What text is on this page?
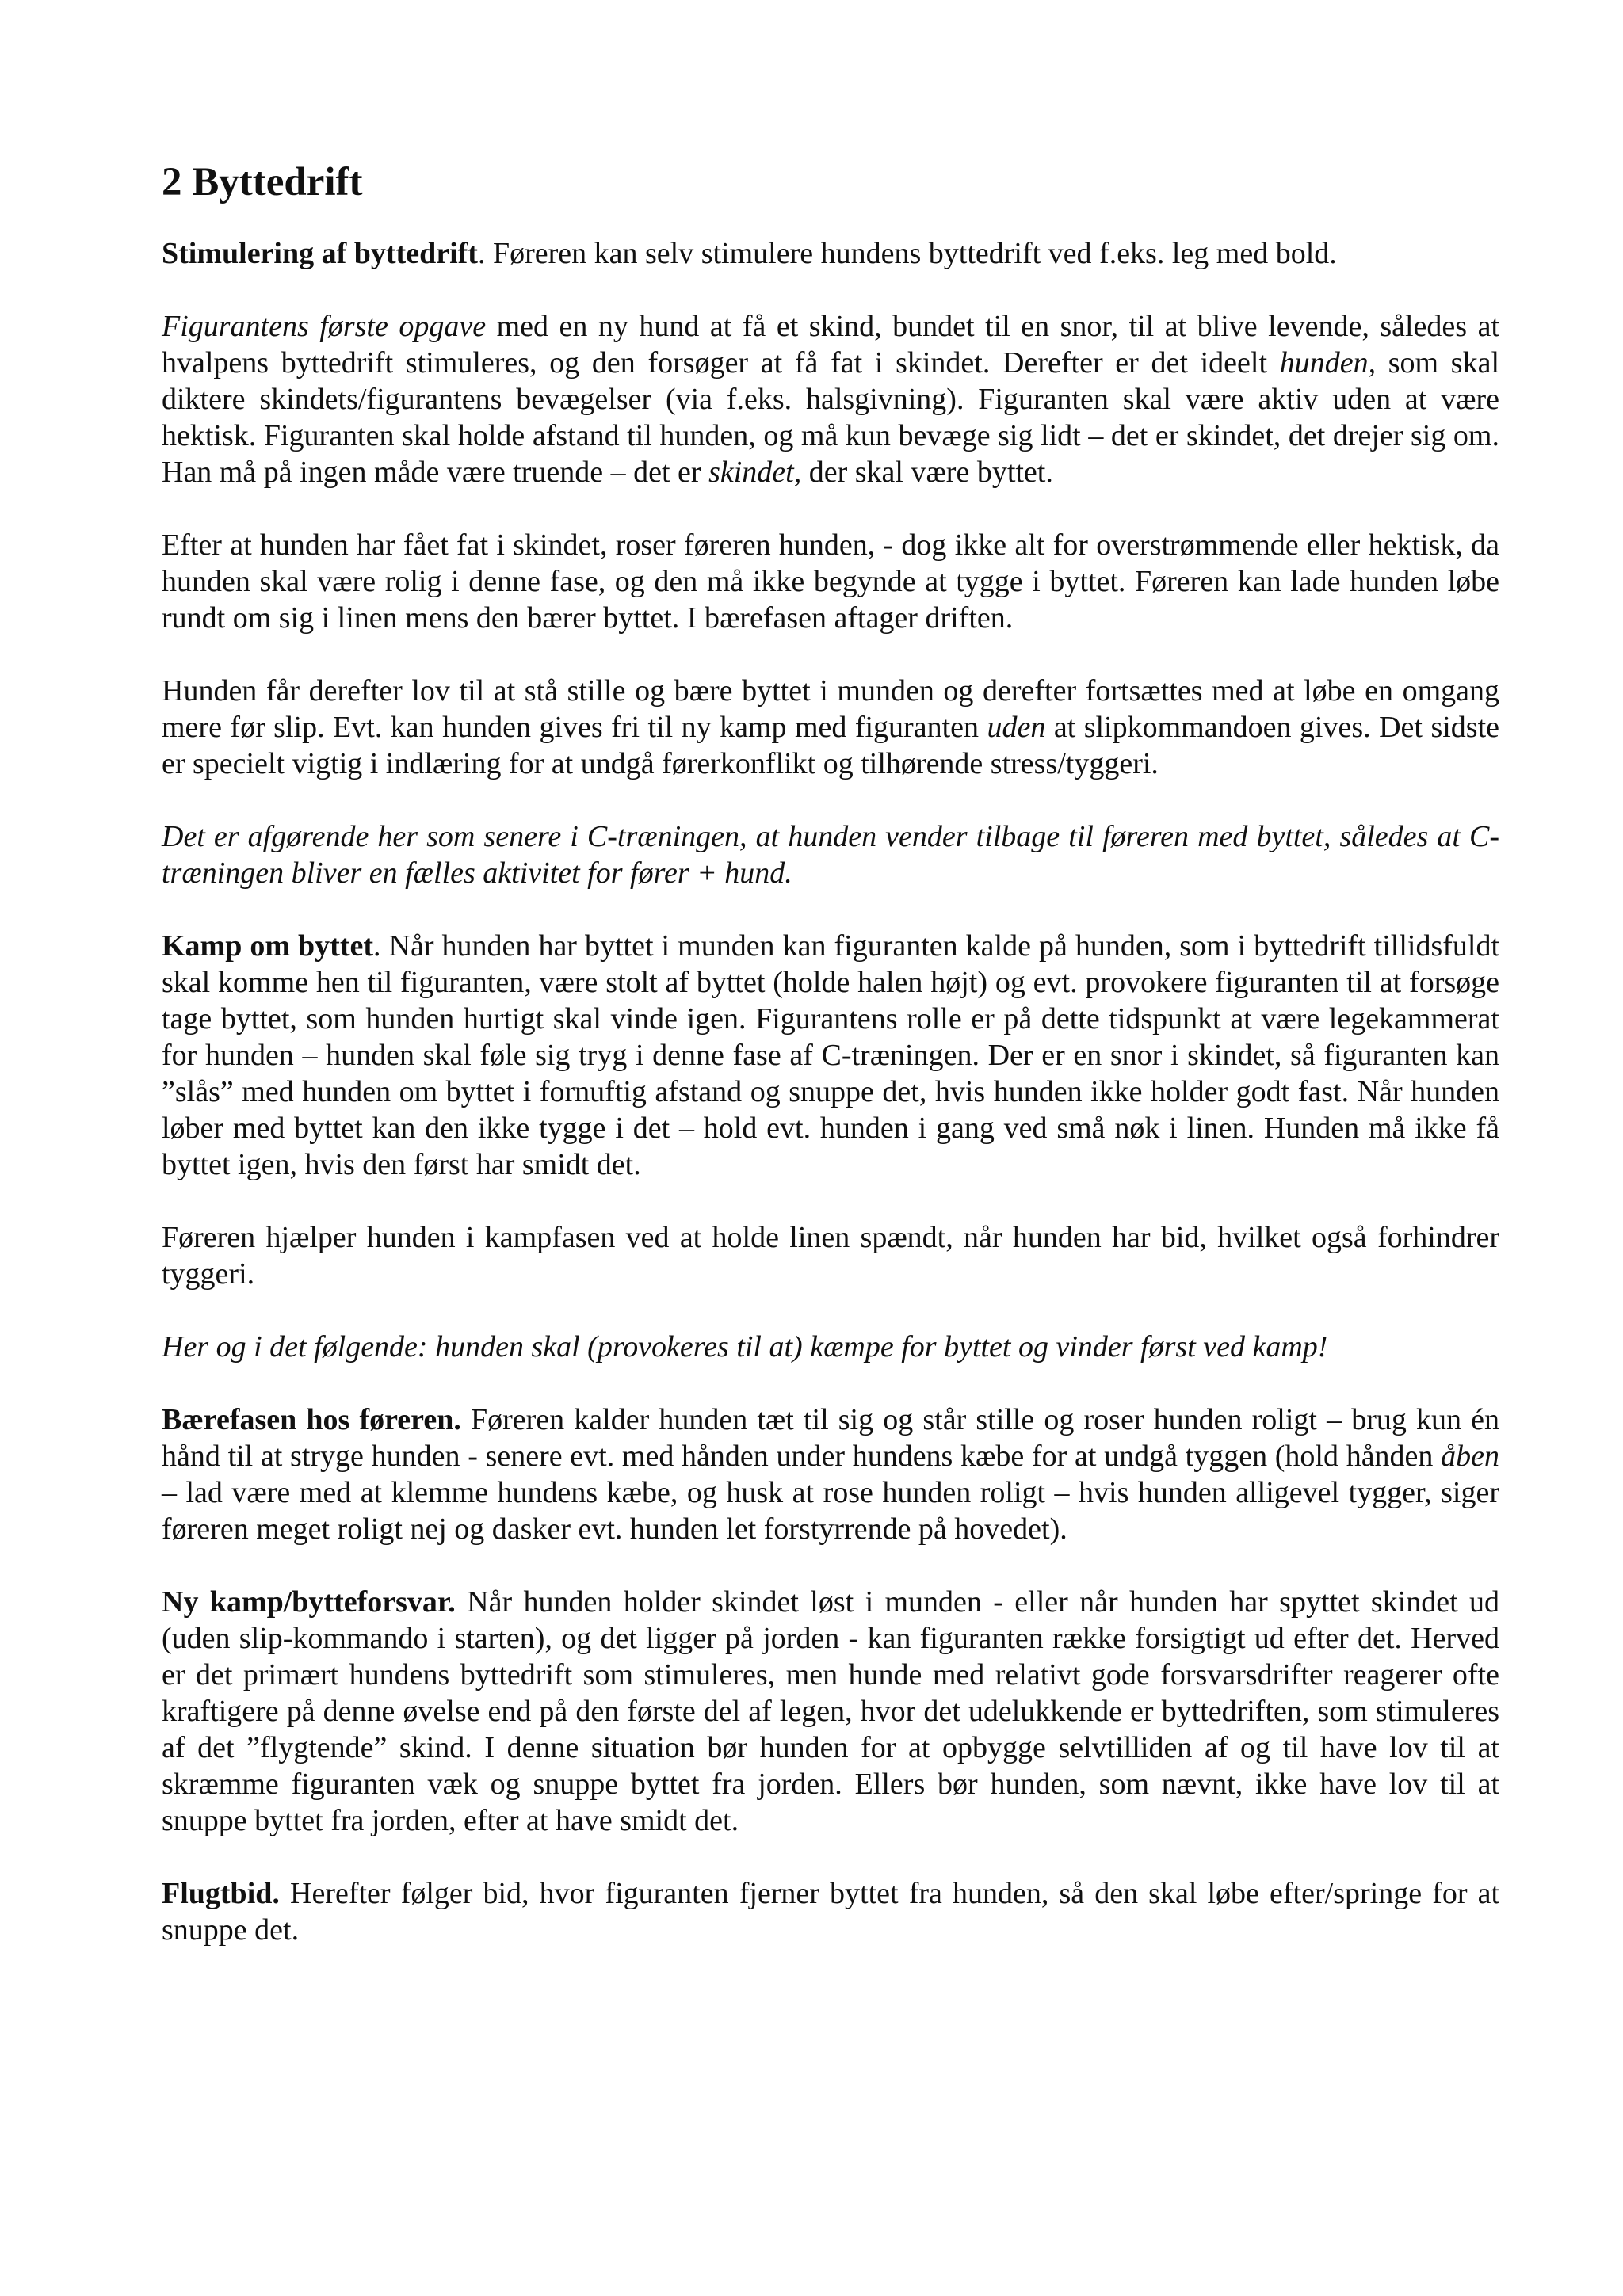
2 Byttedrift

Stimulering af byttedrift. Føreren kan selv stimulere hundens byttedrift ved f.eks. leg med bold.

Figurantens første opgave med en ny hund at få et skind, bundet til en snor, til at blive levende, således at hvalpens byttedrift stimuleres, og den forsøger at få fat i skindet. Derefter er det ideelt hunden, som skal diktere skindets/figurantens bevægelser (via f.eks. halsgivning). Figuranten skal være aktiv uden at være hektisk. Figuranten skal holde afstand til hunden, og må kun bevæge sig lidt – det er skindet, det drejer sig om. Han må på ingen måde være truende – det er skindet, der skal være byttet.

Efter at hunden har fået fat i skindet, roser føreren hunden, - dog ikke alt for overstrømmende eller hektisk, da hunden skal være rolig i denne fase, og den må ikke begynde at tygge i byttet. Føreren kan lade hunden løbe rundt om sig i linen mens den bærer byttet. I bærefasen aftager driften.

Hunden får derefter lov til at stå stille og bære byttet i munden og derefter fortsættes med at løbe en omgang mere før slip. Evt. kan hunden gives fri til ny kamp med figuranten uden at slipkommandoen gives. Det sidste er specielt vigtig i indlæring for at undgå førerkonflikt og tilhørende stress/tyggeri.

Det er afgørende her som senere i C-træningen, at hunden vender tilbage til føreren med byttet, således at C-træningen bliver en fælles aktivitet for fører + hund.

Kamp om byttet. Når hunden har byttet i munden kan figuranten kalde på hunden, som i byttedrift tillidsfuldt skal komme hen til figuranten, være stolt af byttet (holde halen højt) og evt. provokere figuranten til at forsøge tage byttet, som hunden hurtigt skal vinde igen. Figurantens rolle er på dette tidspunkt at være legekammerat for hunden – hunden skal føle sig tryg i denne fase af C-træningen. Der er en snor i skindet, så figuranten kan ”slås” med hunden om byttet i fornuftig afstand og snuppe det, hvis hunden ikke holder godt fast. Når hunden løber med byttet kan den ikke tygge i det – hold evt. hunden i gang ved små nøk i linen. Hunden må ikke få byttet igen, hvis den først har smidt det.

Føreren hjælper hunden i kampfasen ved at holde linen spændt, når hunden har bid, hvilket også forhindrer tyggeri.

Her og i det følgende: hunden skal (provokeres til at) kæmpe for byttet og vinder først ved kamp!

Bærefasen hos føreren. Føreren kalder hunden tæt til sig og står stille og roser hunden roligt – brug kun én hånd til at stryge hunden - senere evt. med hånden under hundens kæbe for at undgå tyggen (hold hånden åben – lad være med at klemme hundens kæbe, og husk at rose hunden roligt – hvis hunden alligevel tygger, siger føreren meget roligt nej og dasker evt. hunden let forstyrrende på hovedet).

Ny kamp/bytteforsvar. Når hunden holder skindet løst i munden - eller når hunden har spyttet skindet ud (uden slip-kommando i starten), og det ligger på jorden - kan figuranten række forsigtigt ud efter det. Herved er det primært hundens byttedrift som stimuleres, men hunde med relativt gode forsvarsdrifter reagerer ofte kraftigere på denne øvelse end på den første del af legen, hvor det udelukkende er byttedriften, som stimuleres af det ”flygtende” skind. I denne situation bør hunden for at opbygge selvtilliden af og til have lov til at skræmme figuranten væk og snuppe byttet fra jorden. Ellers bør hunden, som nævnt, ikke have lov til at snuppe byttet fra jorden, efter at have smidt det.

Flugtbid. Herefter følger bid, hvor figuranten fjerner byttet fra hunden, så den skal løbe efter/springe for at snuppe det.
